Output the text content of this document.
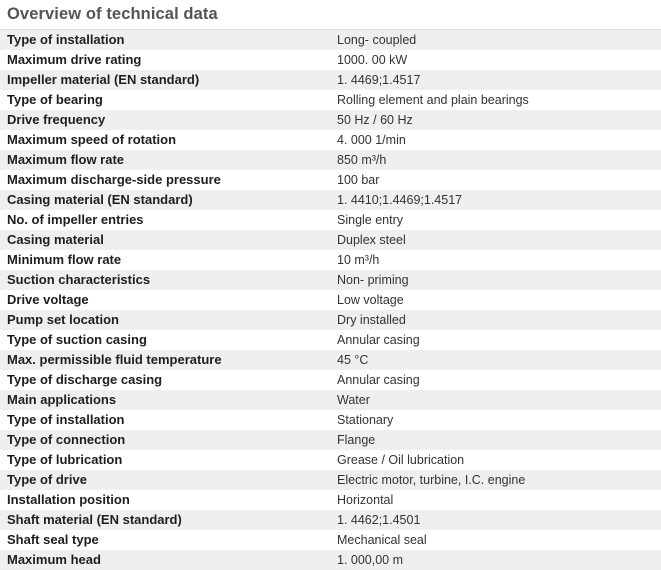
Overview of technical data
Type of installation	Long- coupled
Maximum drive rating	1000. 00 kW
Impeller material (EN standard)	1. 4469;1.4517
Type of bearing	Rolling element and plain bearings
Drive frequency	50 Hz / 60 Hz
Maximum speed of rotation	4. 000 1/min
Maximum flow rate	850 m³/h
Maximum discharge-side pressure	100 bar
Casing material (EN standard)	1. 4410;1.4469;1.4517
No. of impeller entries	Single entry
Casing material	Duplex steel
Minimum flow rate	10 m³/h
Suction characteristics	Non- priming
Drive voltage	Low voltage
Pump set location	Dry installed
Type of suction casing	Annular casing
Max. permissible fluid temperature	45 °C
Type of discharge casing	Annular casing
Main applications	Water
Type of installation	Stationary
Type of connection	Flange
Type of lubrication	Grease / Oil lubrication
Type of drive	Electric motor, turbine, I.C. engine
Installation position	Horizontal
Shaft material (EN standard)	1. 4462;1.4501
Shaft seal type	Mechanical seal
Maximum head	1. 000,00 m
